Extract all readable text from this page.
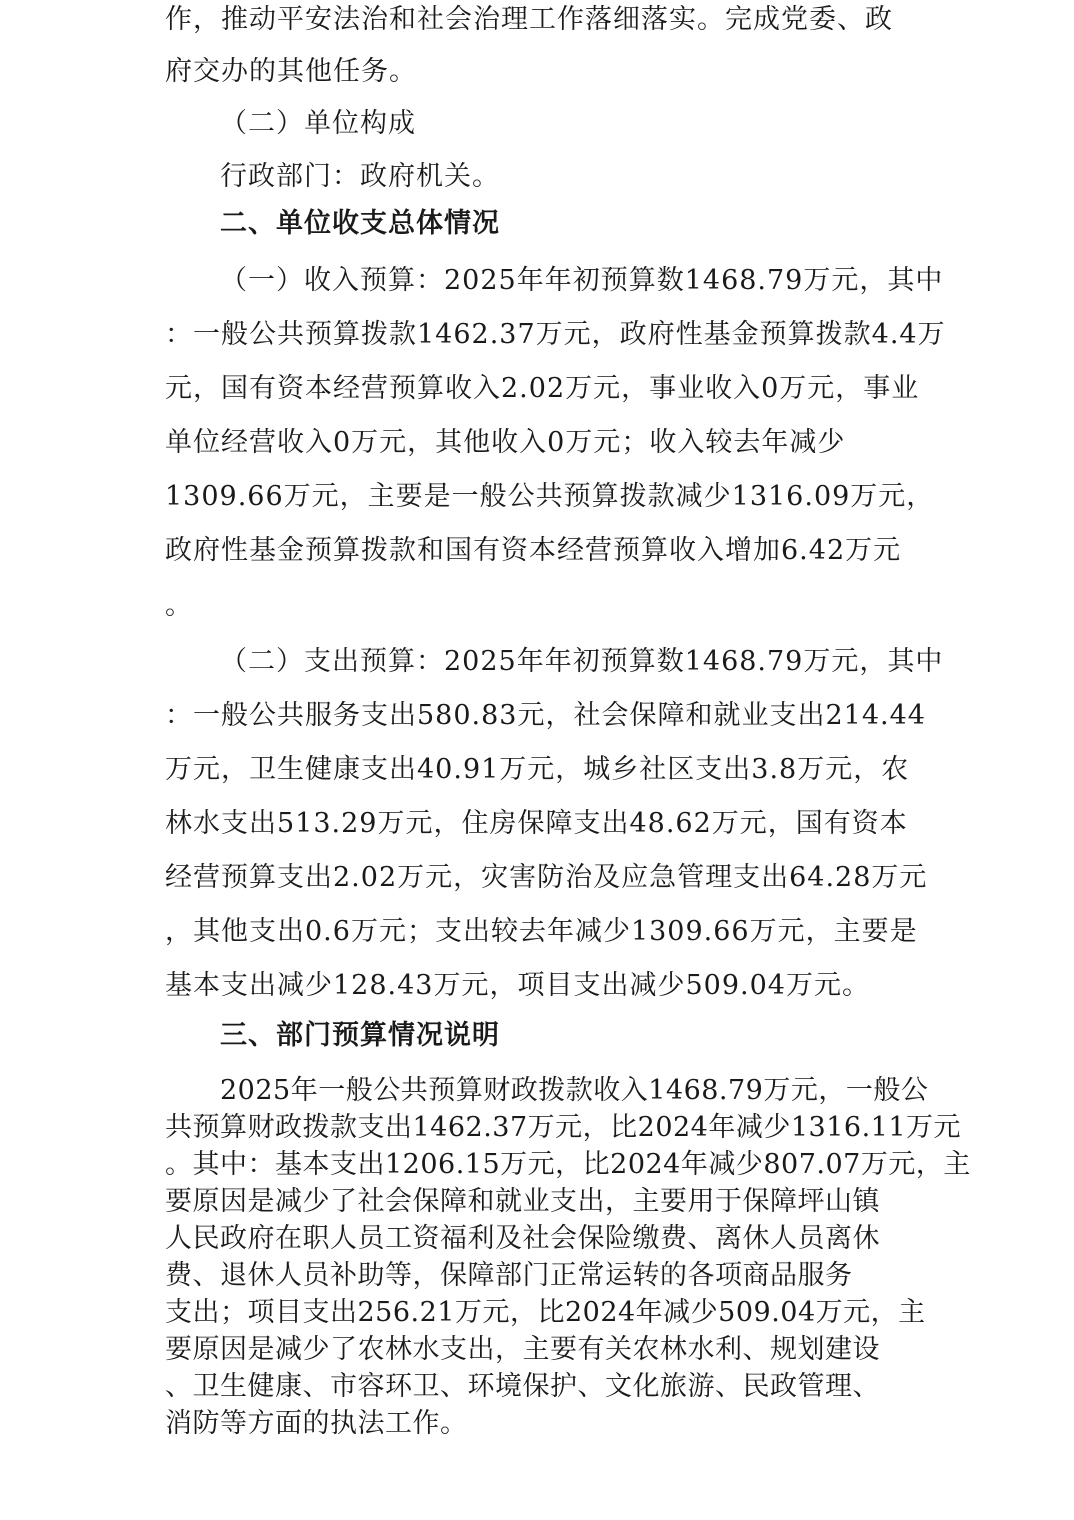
作，推动平安法治和社会治理工作落细落实。完成党委、政
府交办的其他任务。
（二）单位构成
行政部门：政府机关。
二、单位收支总体情况
（一）收入预算：2025年年初预算数1468.79万元，其中
：一般公共预算拨款1462.37万元，政府性基金预算拨款4.4万
元，国有资本经营预算收入2.02万元，事业收入0万元，事业
单位经营收入0万元，其他收入0万元；收入较去年减少
1309.66万元，主要是一般公共预算拨款减少1316.09万元，
政府性基金预算拨款和国有资本经营预算收入增加6.42万元
。
（二）支出预算：2025年年初预算数1468.79万元，其中
：一般公共服务支出580.83元，社会保障和就业支出214.44
万元，卫生健康支出40.91万元，城乡社区支出3.8万元，农
林水支出513.29万元，住房保障支出48.62万元，国有资本
经营预算支出2.02万元，灾害防治及应急管理支出64.28万元
，其他支出0.6万元；支出较去年减少1309.66万元，主要是
基本支出减少128.43万元，项目支出减少509.04万元。
三、部门预算情况说明
2025年一般公共预算财政拨款收入1468.79万元，一般公
共预算财政拨款支出1462.37万元，比2024年减少1316.11万元
。其中：基本支出1206.15万元，比2024年减少807.07万元，主
要原因是减少了社会保障和就业支出，主要用于保障坪山镇
人民政府在职人员工资福利及社会保险缴费、离休人员离休
费、退休人员补助等，保障部门正常运转的各项商品服务
支出；项目支出256.21万元，比2024年减少509.04万元，主
要原因是减少了农林水支出，主要有关农林水利、规划建设
、卫生健康、市容环卫、环境保护、文化旅游、民政管理、
消防等方面的执法工作。
